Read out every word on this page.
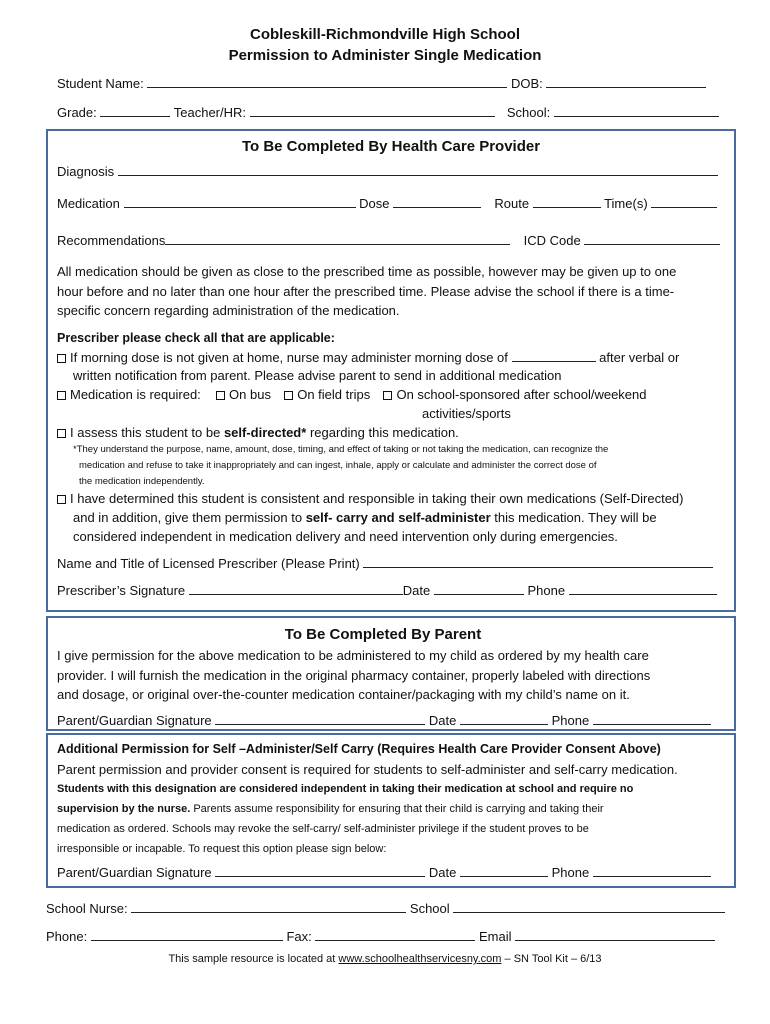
Cobleskill-Richmondville High School
Permission to Administer Single Medication
Student Name:	DOB:
Grade:	Teacher/HR:	School:
To Be Completed By Health Care Provider
Diagnosis
Medication	Dose	Route	Time(s)
Recommendations	ICD Code
All medication should be given as close to the prescribed time as possible, however may be given up to one
hour before and no later than one hour after the prescribed time. Please advise the school if there is a time-
specific concern regarding administration of the medication.
Prescriber please check all that are applicable:
If morning dose is not given at home, nurse may administer morning dose of	after verbal or
written notification from parent. Please advise parent to send in additional medication
Medication is required: On bus On field trips On school-sponsored after school/weekend
activities/sports
I assess this student to be self-directed* regarding this medication.
*They understand the purpose, name, amount, dose, timing, and effect of taking or not taking the medication, can recognize the
medication and refuse to take it inappropriately and can ingest, inhale, apply or calculate and administer the correct dose of
the medication independently.
I have determined this student is consistent and responsible in taking their own medications (Self-Directed)
and in addition, give them permission to self- carry and self-administer this medication. They will be
considered independent in medication delivery and need intervention only during emergencies.
Name and Title of Licensed Prescriber (Please Print)
Prescriber’s Signature	Date	Phone
To Be Completed By Parent
I give permission for the above medication to be administered to my child as ordered by my health care
provider. I will furnish the medication in the original pharmacy container, properly labeled with directions
and dosage, or original over-the-counter medication container/packaging with my child’s name on it.
Parent/Guardian Signature	Date	Phone
Additional Permission for Self –Administer/Self Carry (Requires Health Care Provider Consent Above)
Parent permission and provider consent is required for students to self-administer and self-carry medication.
Students with this designation are considered independent in taking their medication at school and require no
supervision by the nurse. Parents assume responsibility for ensuring that their child is carrying and taking their
medication as ordered. Schools may revoke the self-carry/ self-administer privilege if the student proves to be
irresponsible or incapable. To request this option please sign below:
Parent/Guardian Signature	Date	Phone
School Nurse:	School
Phone:	Fax:	Email
This sample resource is located at www.schoolhealthservicesny.com – SN Tool Kit – 6/13
